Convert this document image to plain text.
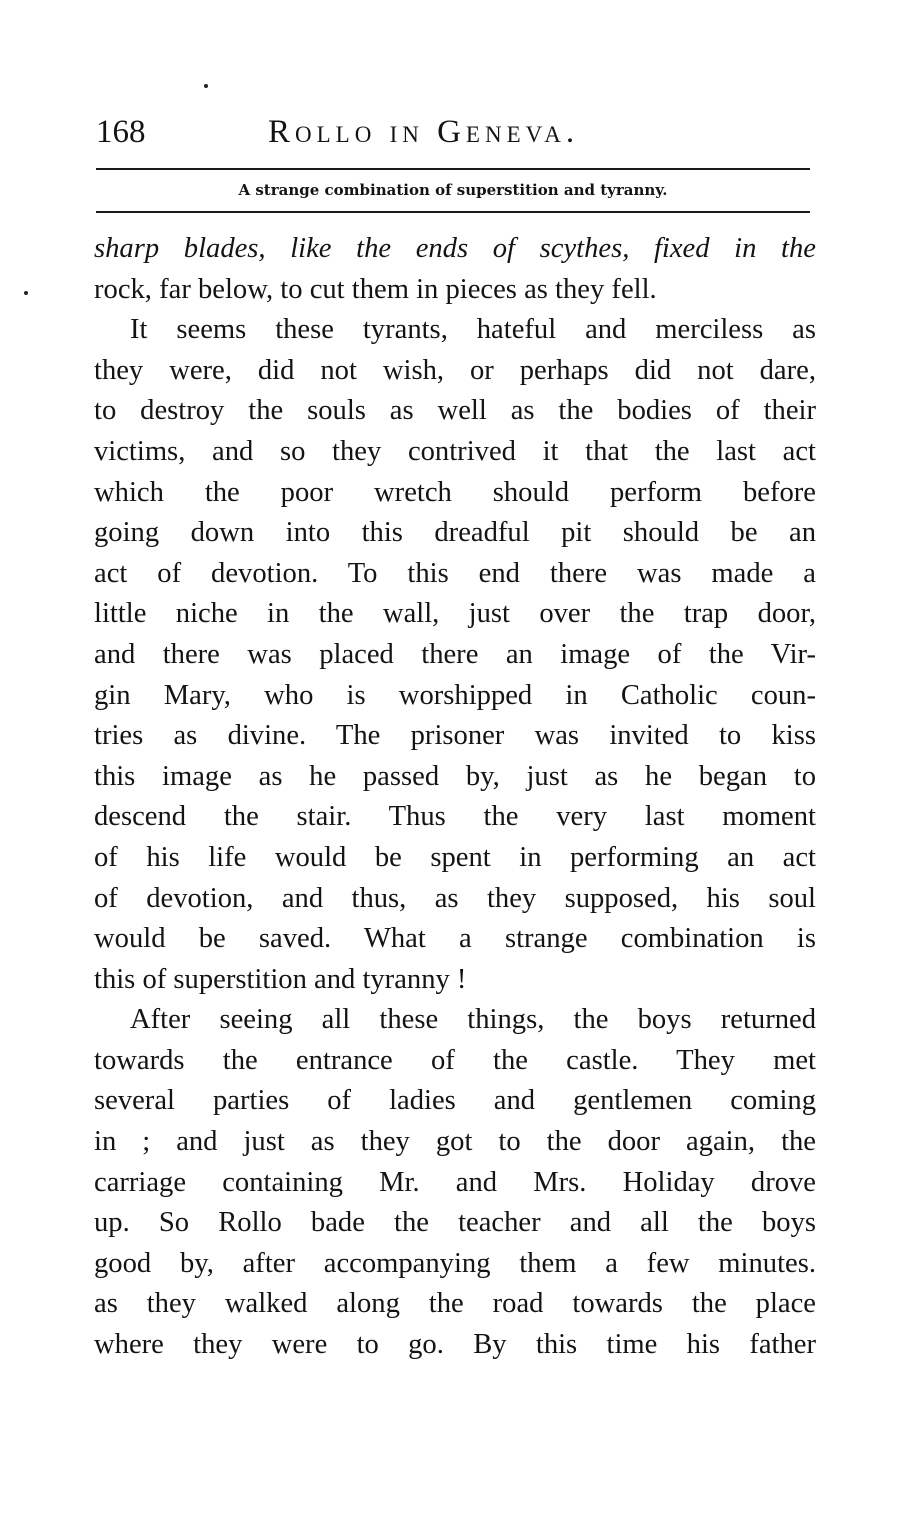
168	Rollo in Geneva.
A strange combination of superstition and tyranny.
sharp blades, like the ends of scythes, fixed in the
rock, far below, to cut them in pieces as they fell.
It seems these tyrants, hateful and merciless as
they were, did not wish, or perhaps did not dare,
to destroy the souls as well as the bodies of their
victims, and so they contrived it that the last act
which the poor wretch should perform before
going down into this dreadful pit should be an
act of devotion. To this end there was made a
little niche in the wall, just over the trap door,
and there was placed there an image of the Vir-
gin Mary, who is worshipped in Catholic coun-
tries as divine. The prisoner was invited to kiss
this image as he passed by, just as he began to
descend the stair. Thus the very last moment
of his life would be spent in performing an act
of devotion, and thus, as they supposed, his soul
would be saved. What a strange combination is
this of superstition and tyranny !
After seeing all these things, the boys returned
towards the entrance of the castle. They met
several parties of ladies and gentlemen coming
in ; and just as they got to the door again, the
carriage containing Mr. and Mrs. Holiday drove
up. So Rollo bade the teacher and all the boys
good by, after accompanying them a few minutes.
as they walked along the road towards the place
where they were to go. By this time his father
